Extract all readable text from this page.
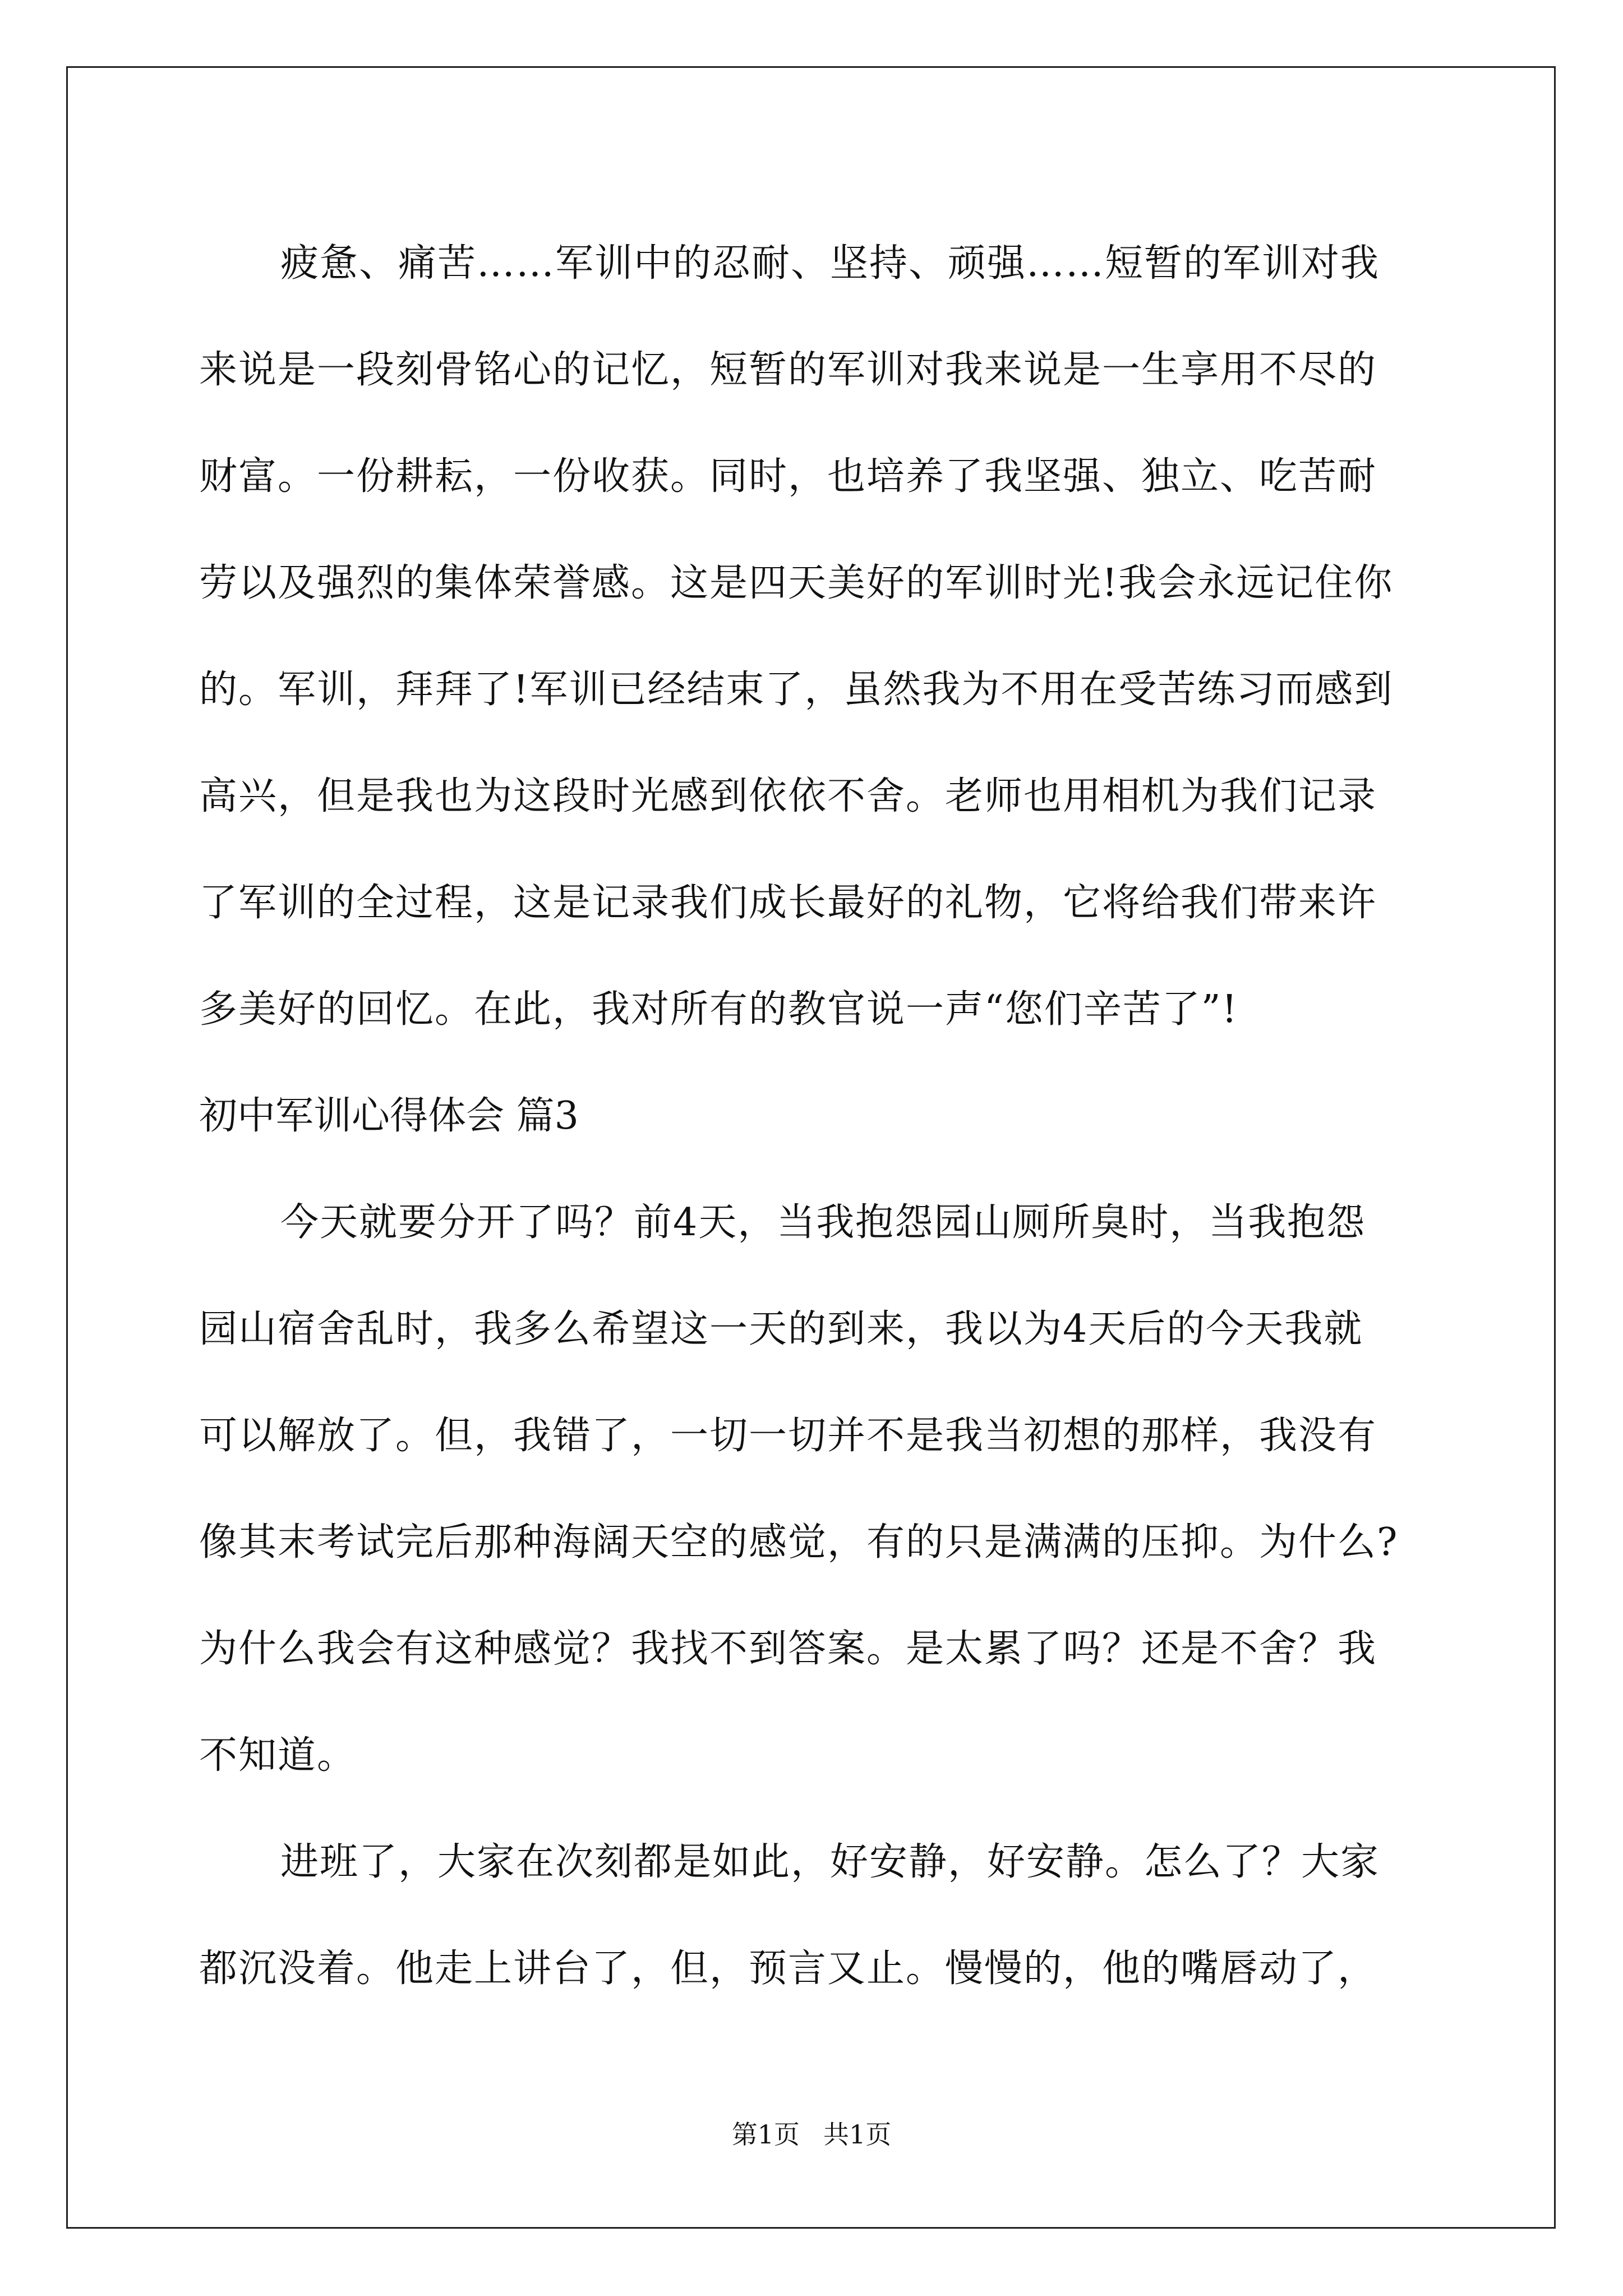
疲惫、痛苦……军训中的忍耐、坚持、顽强……短暂的军训对我
来说是一段刻骨铭心的记忆，短暂的军训对我来说是一生享用不尽的
财富。一份耕耘，一份收获。同时，也培养了我坚强、独立、吃苦耐
劳以及强烈的集体荣誉感。这是四天美好的军训时光!我会永远记住你
的。军训，拜拜了!军训已经结束了，虽然我为不用在受苦练习而感到
高兴，但是我也为这段时光感到依依不舍。老师也用相机为我们记录
了军训的全过程，这是记录我们成长最好的礼物，它将给我们带来许
多美好的回忆。在此，我对所有的教官说一声“您们辛苦了”!
初中军训心得体会 篇3
今天就要分开了吗？前4天，当我抱怨园山厕所臭时，当我抱怨
园山宿舍乱时，我多么希望这一天的到来，我以为4天后的今天我就
可以解放了。但，我错了，一切一切并不是我当初想的那样，我没有
像其末考试完后那种海阔天空的感觉，有的只是满满的压抑。为什么?
为什么我会有这种感觉？我找不到答案。是太累了吗？还是不舍？我
不知道。
进班了，大家在次刻都是如此，好安静，好安静。怎么了？大家
都沉没着。他走上讲台了，但，预言又止。慢慢的，他的嘴唇动了，
第1页 共1页
